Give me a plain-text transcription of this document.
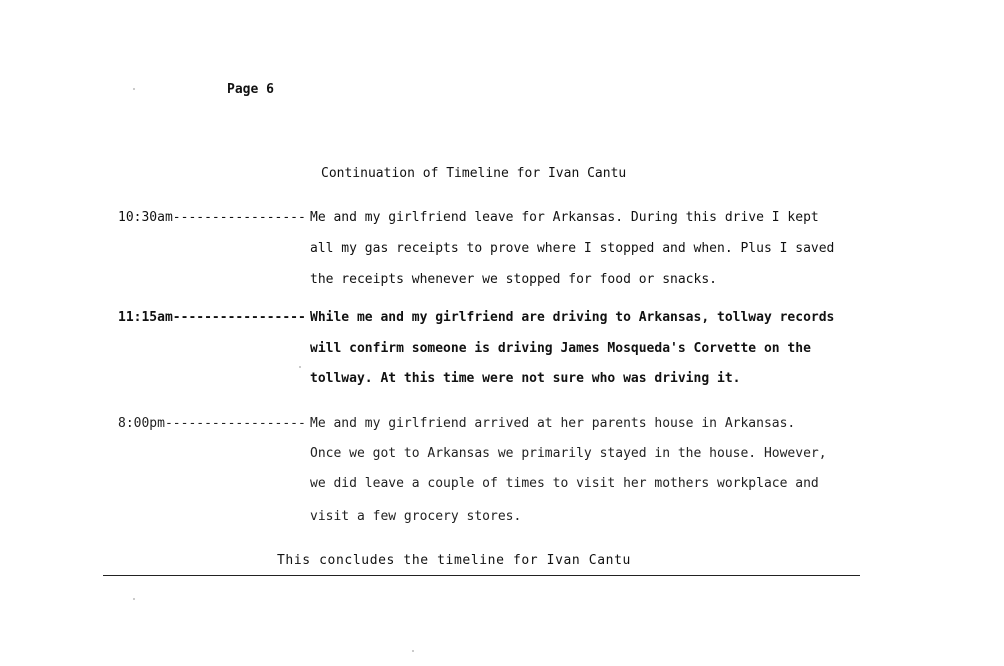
Page 6
Continuation of Timeline for Ivan Cantu
10:30am----------------- Me and my girlfriend leave for Arkansas. During this drive I kept
all my gas receipts to prove where I stopped and when. Plus I saved
the receipts whenever we stopped for food or snacks.
11:15am----------------- While me and my girlfriend are driving to Arkansas, tollway records
will confirm someone is driving James Mosqueda's Corvette on the
tollway. At this time were not sure who was driving it.
8:00pm------------------ Me and my girlfriend arrived at her parents house in Arkansas.
Once we got to Arkansas we primarily stayed in the house. However,
we did leave a couple of times to visit her mothers workplace and
visit a few grocery stores.
This concludes the timeline for Ivan Cantu
